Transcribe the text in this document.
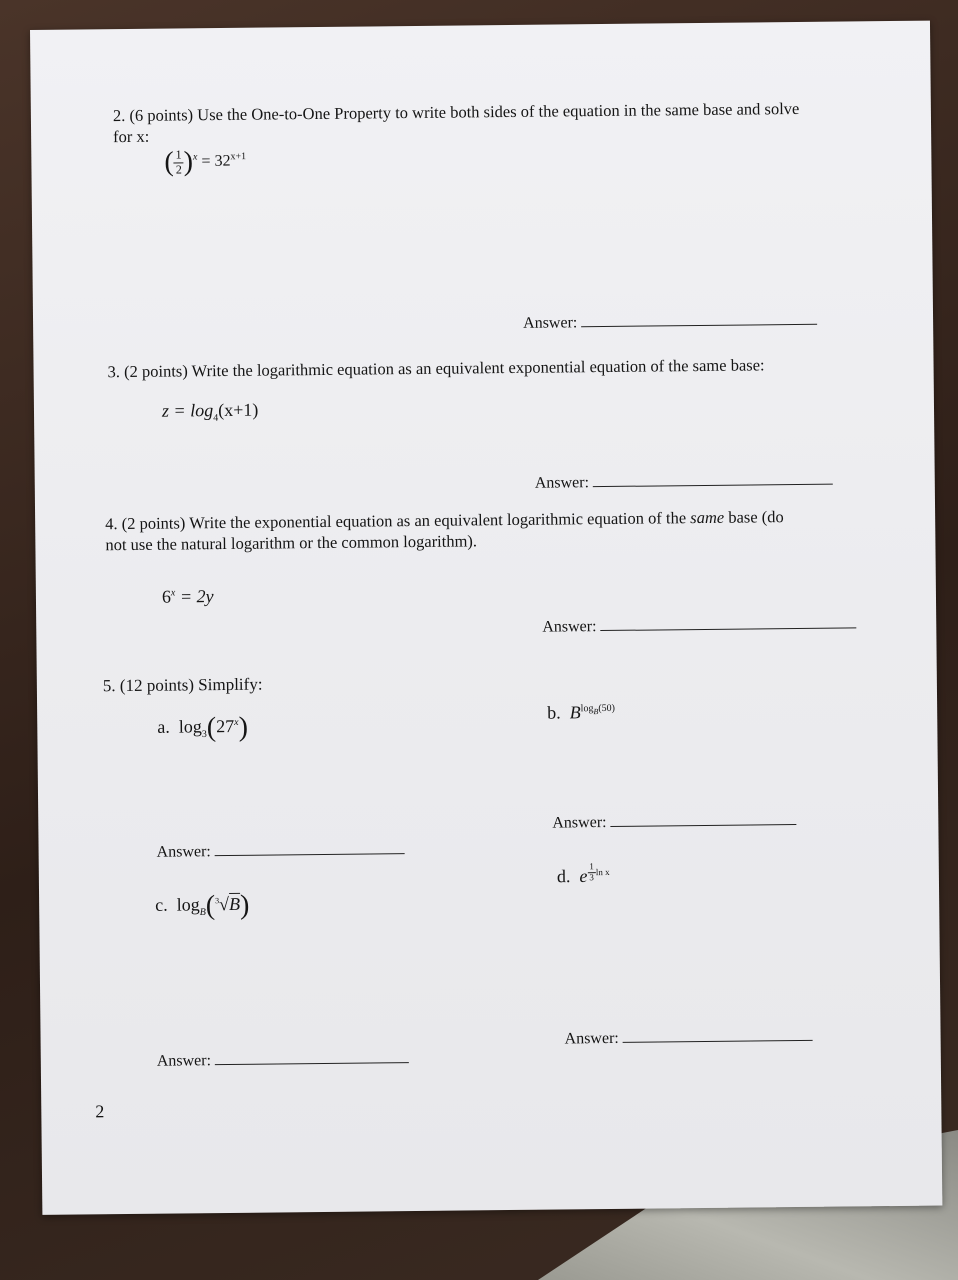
2. (6 points) Use the One-to-One Property to write both sides of the equation in the same base and solve
for x:
( $\frac{1}{2} )^x = 32^{x+1}$
Answer:
3. (2 points) Write the logarithmic equation as an equivalent exponential equation of the same base:
$z = \log_4(x+1)$
Answer:
4. (2 points) Write the exponential equation as an equivalent logarithmic equation of the same base (do
not use the natural logarithm or the common logarithm).
$6^x = 2y$
Answer:
5. (12 points) Simplify:
a. $\log_3(27^x)$	b. $B^{log_B(50)}$
Answer:
Answer:
c. $\log_B(^3√B)$
d. e $^{\frac{1}{3} ln x}$
Answer:
Answer:
2
